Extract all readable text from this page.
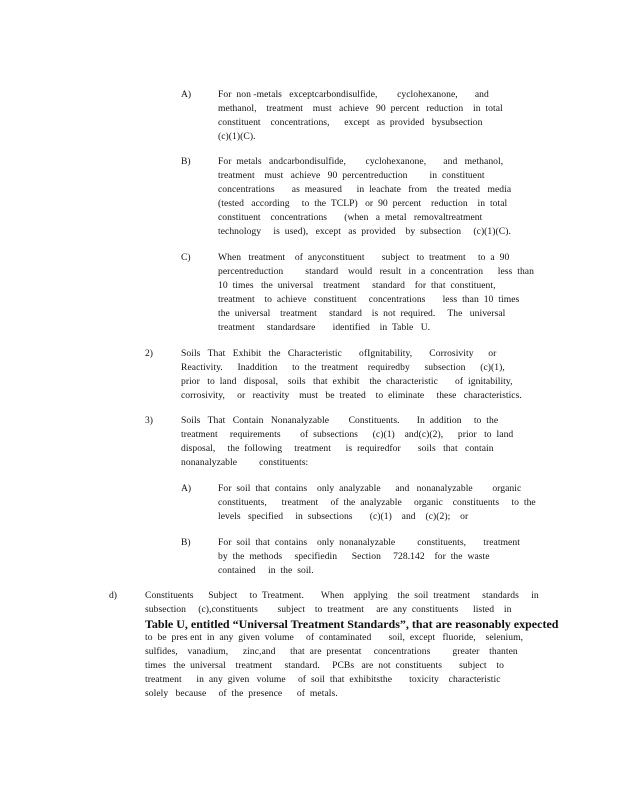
A)	For  non -metals   exceptcarbondisulfide,        cyclohexanone,       and
methanol,    treatment    must   achieve   90  percent   reduction    in  total
constituent    concentrations,      except   as  provided   bysubsection
(c)(1)(C).
B)	For  metals   andcarbondisulfide,        cyclohexanone,       and   methanol,
treatment    must   achieve   90  percentreduction         in  constituent
concentrations       as  measured      in  leachate   from    the  treated   media
(tested   according     to  the  TCLP)   or  90  percent    reduction    in  total
constituent    concentrations       (when   a  metal   removaltreatment
technology     is  used),   except   as  provided    by  subsection     (c)(1)(C).
C)	When   treatment    of  anyconstituent       subject   to  treatment     to  a  90
percentreduction         standard    would   result   in  a  concentration      less  than
10  times   the  universal    treatment     standard    for  that  constituent,
treatment    to  achieve   constituent     concentrations       less  than  10  times
the  universal    treatment     standard    is  not  required.     The   universal
treatment     standardsare       identified    in  Table   U.
2)	Soils   That   Exhibit   the   Characteristic       ofIgnitability,       Corrosivity      or
Reactivity.      Inaddition      to  the  treatment    requiredby      subsection      (c)(1),
prior   to  land   disposal,    soils   that  exhibit    the  characteristic       of  ignitability,
corrosivity,     or   reactivity    must   be  treated    to  eliminate     these   characteristics.
3)	Soils   That   Contain   Nonanalyzable        Constituents.       In  addition     to  the
treatment     requirements        of  subsections      (c)(1)    and(c)(2),      prior   to  land
disposal,     the  following     treatment      is  requiredfor       soils   that   contain
nonanalyzable         constituents:
A)	For  soil  that  contains    only  analyzable      and   nonanalyzable        organic
constituents,      treatment     of  the  analyzable     organic    constituents     to  the
levels   specified     in  subsections       (c)(1)    and    (c)(2);    or
B)	For  soil  that  contains    only  nonanalyzable         constituents,       treatment
by  the  methods     specifiedin      Section     728.142    for  the  waste
contained     in  the  soil.
d)	Constituents      Subject     to  Treatment.       When    applying    the  soil  treatment     standards     in
subsection     (c),constituents        subject    to  treatment     are  any  constituents      listed    in
Table U, entitled “Universal Treatment Standards”, that are reasonably expected
to  be  pres ent  in  any  given  volume     of  contaminated       soil,  except   fluoride,    selenium,
sulfides,    vanadium,      zinc,and      that  are  presentat     concentrations         greater    thanten
times   the  universal    treatment     standard.     PCBs   are  not  constituents       subject    to
treatment      in  any  given   volume     of  soil  that  exhibitsthe       toxicity    characteristic
solely   because     of  the  presence      of  metals.
